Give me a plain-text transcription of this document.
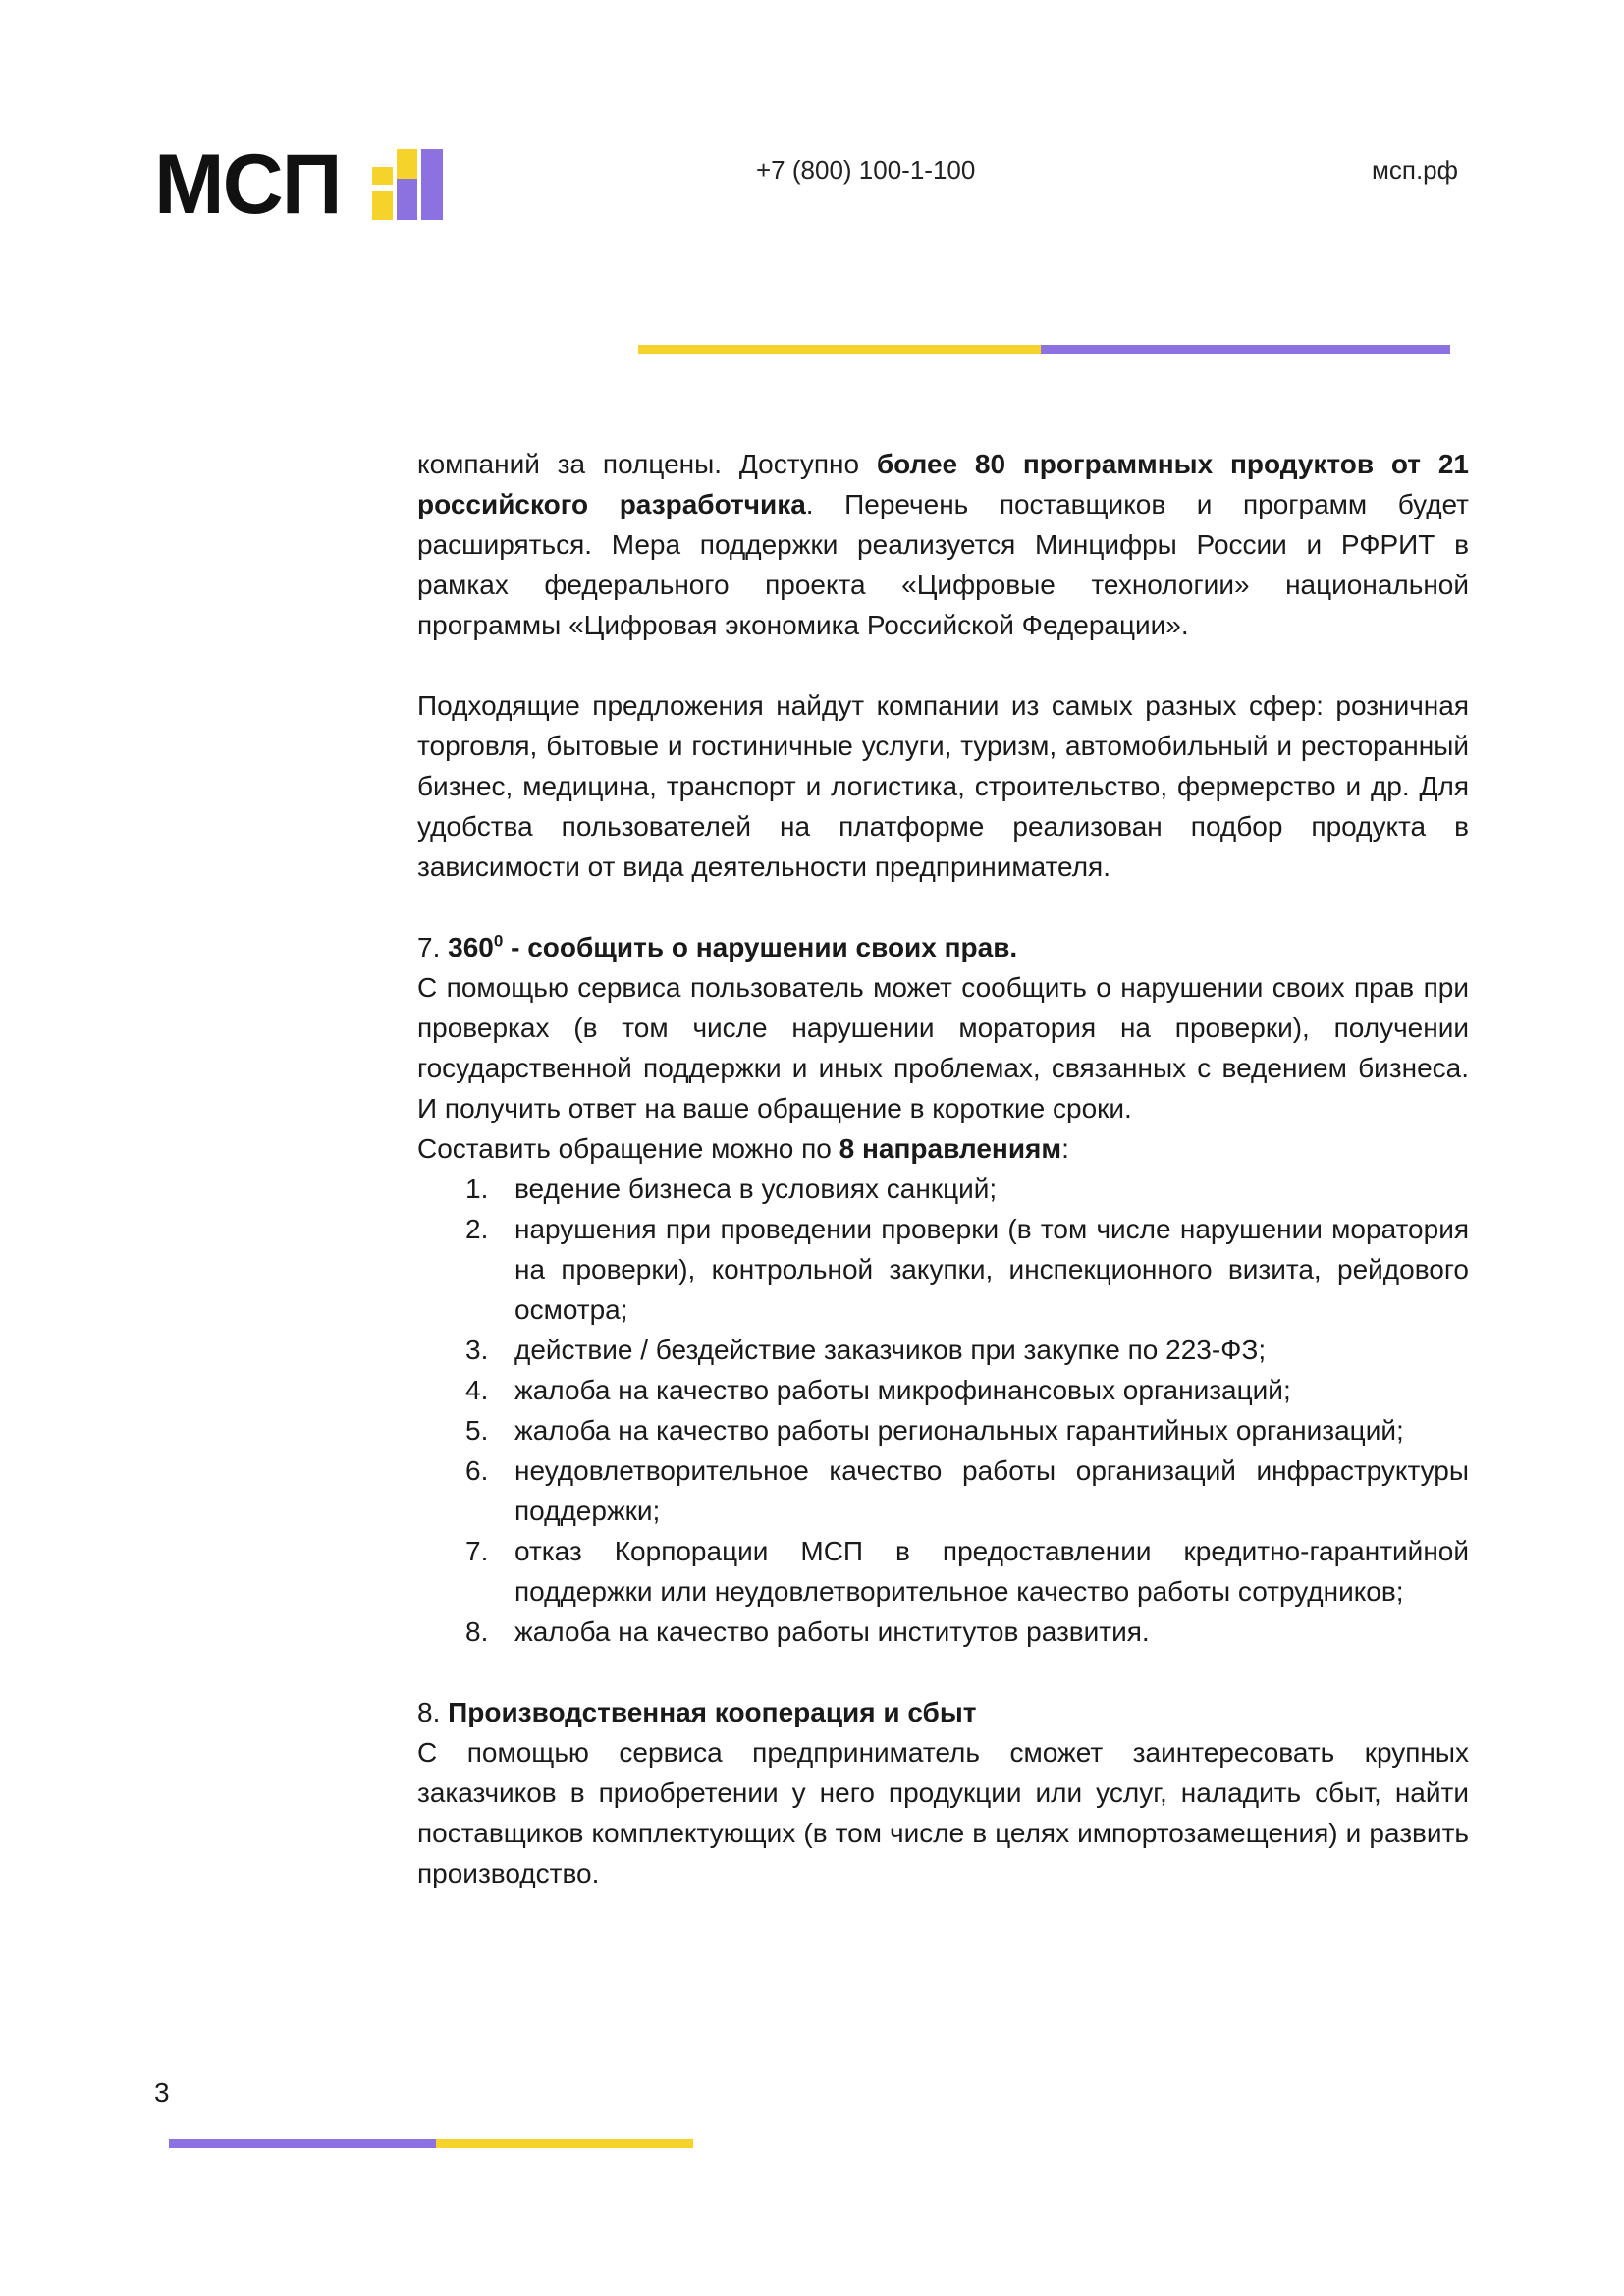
МСП	+7 (800) 100-1-100	мсп.рф

компаний за полцены. Доступно более 80 программных продуктов от 21 российского разработчика. Перечень поставщиков и программ будет расширяться. Мера поддержки реализуется Минцифры России и РФРИТ в рамках федерального проекта «Цифровые технологии» национальной программы «Цифровая экономика Российской Федерации».

Подходящие предложения найдут компании из самых разных сфер: розничная торговля, бытовые и гостиничные услуги, туризм, автомобильный и ресторанный бизнес, медицина, транспорт и логистика, строительство, фермерство и др. Для удобства пользователей на платформе реализован подбор продукта в зависимости от вида деятельности предпринимателя.

7. $360^0$ - сообщить о нарушении своих прав.

С помощью сервиса пользователь может сообщить о нарушении своих прав при проверках (в том числе нарушении моратория на проверки), получении государственной поддержки и иных проблемах, связанных с ведением бизнеса. И получить ответ на ваше обращение в короткие сроки.

Составить обращение можно по 8 направлениям:

1. ведение бизнеса в условиях санкций;
2. нарушения при проведении проверки (в том числе нарушении моратория на проверки), контрольной закупки, инспекционного визита, рейдового осмотра;
3. действие / бездействие заказчиков при закупке по 223-ФЗ;
4. жалоба на качество работы микрофинансовых организаций;
5. жалоба на качество работы региональных гарантийных организаций;
6. неудовлетворительное качество работы организаций инфраструктуры поддержки;
7. отказ Корпорации МСП в предоставлении кредитно-гарантийной поддержки или неудовлетворительное качество работы сотрудников;
8. жалоба на качество работы институтов развития.

8. Производственная кооперация и сбыт

С помощью сервиса предприниматель сможет заинтересовать крупных заказчиков в приобретении у него продукции или услуг, наладить сбыт, найти поставщиков комплектующих (в том числе в целях импортозамещения) и развить производство.

3
